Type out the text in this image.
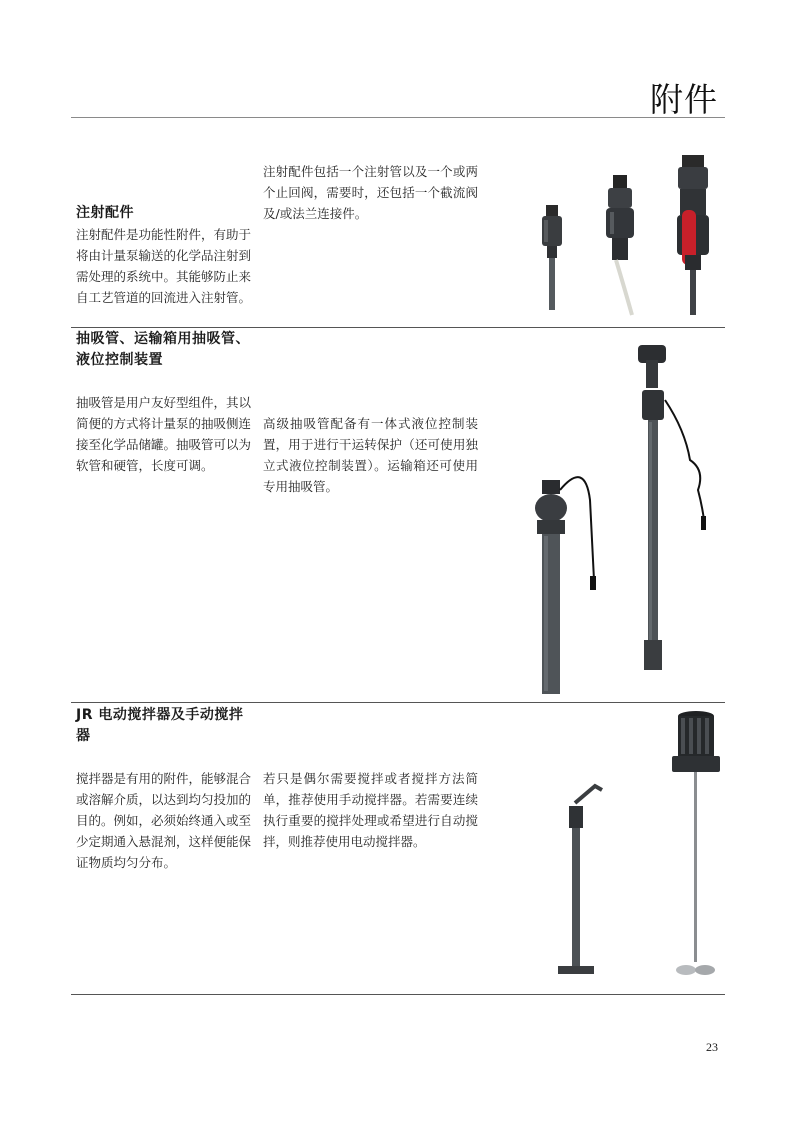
附件
注射配件
注射配件是功能性附件，有助于将由计量泵输送的化学品注射到需处理的系统中。其能够防止来自工艺管道的回流进入注射管。
注射配件包括一个注射管以及一个或两个止回阀，需要时，还包括一个截流阀及/或法兰连接件。
抽吸管、运输箱用抽吸管、液位控制装置
抽吸管是用户友好型组件，其以简便的方式将计量泵的抽吸侧连接至化学品储罐。抽吸管可以为软管和硬管，长度可调。
高级抽吸管配备有一体式液位控制装置，用于进行干运转保护（还可使用独立式液位控制装置）。运输箱还可使用专用抽吸管。
JR 电动搅拌器及手动搅拌器
搅拌器是有用的附件，能够混合或溶解介质，以达到均匀投加的目的。例如，必须始终通入或至少定期通入悬混剂，这样便能保证物质均匀分布。
若只是偶尔需要搅拌或者搅拌方法简单，推荐使用手动搅拌器。若需要连续执行重要的搅拌处理或希望进行自动搅拌，则推荐使用电动搅拌器。
23
